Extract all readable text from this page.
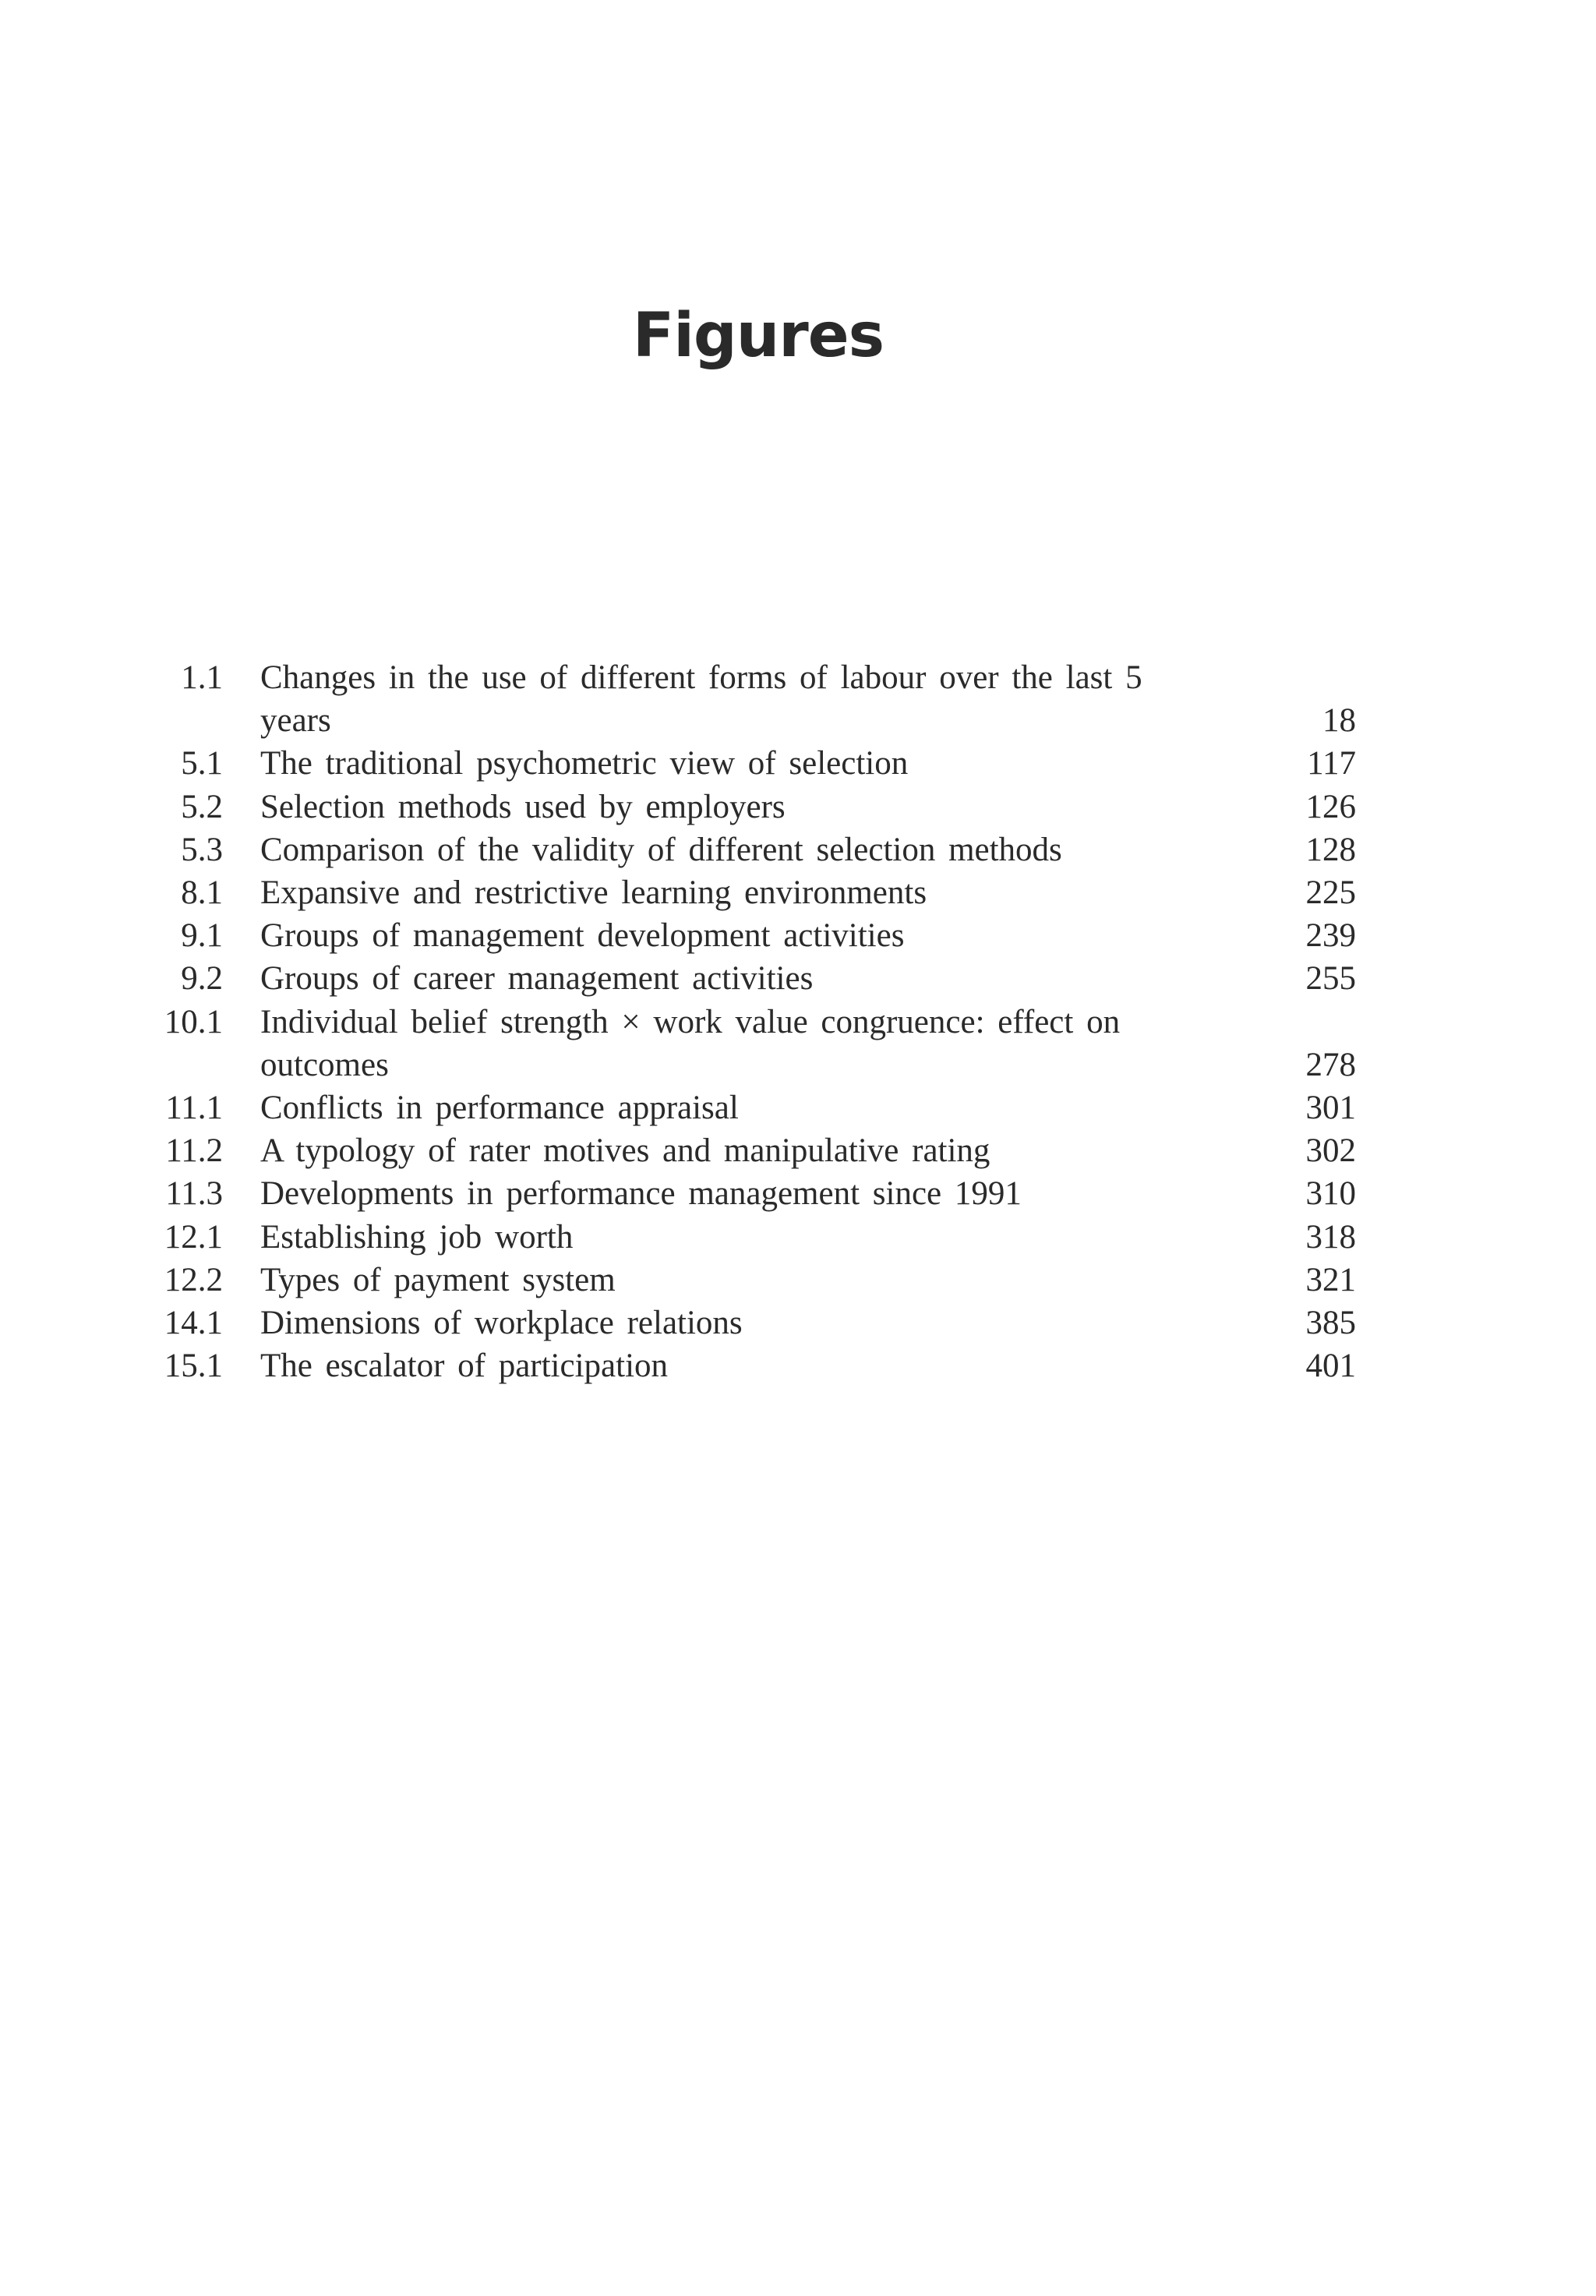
Figures
1.1 Changes in the use of different forms of labour over the last 5 years	18
5.1 The traditional psychometric view of selection	117
5.2 Selection methods used by employers	126
5.3 Comparison of the validity of different selection methods	128
8.1 Expansive and restrictive learning environments	225
9.1 Groups of management development activities	239
9.2 Groups of career management activities	255
10.1 Individual belief strength × work value congruence: effect on outcomes	278
11.1 Conflicts in performance appraisal	301
11.2 A typology of rater motives and manipulative rating	302
11.3 Developments in performance management since 1991	310
12.1 Establishing job worth	318
12.2 Types of payment system	321
14.1 Dimensions of workplace relations	385
15.1 The escalator of participation	401
